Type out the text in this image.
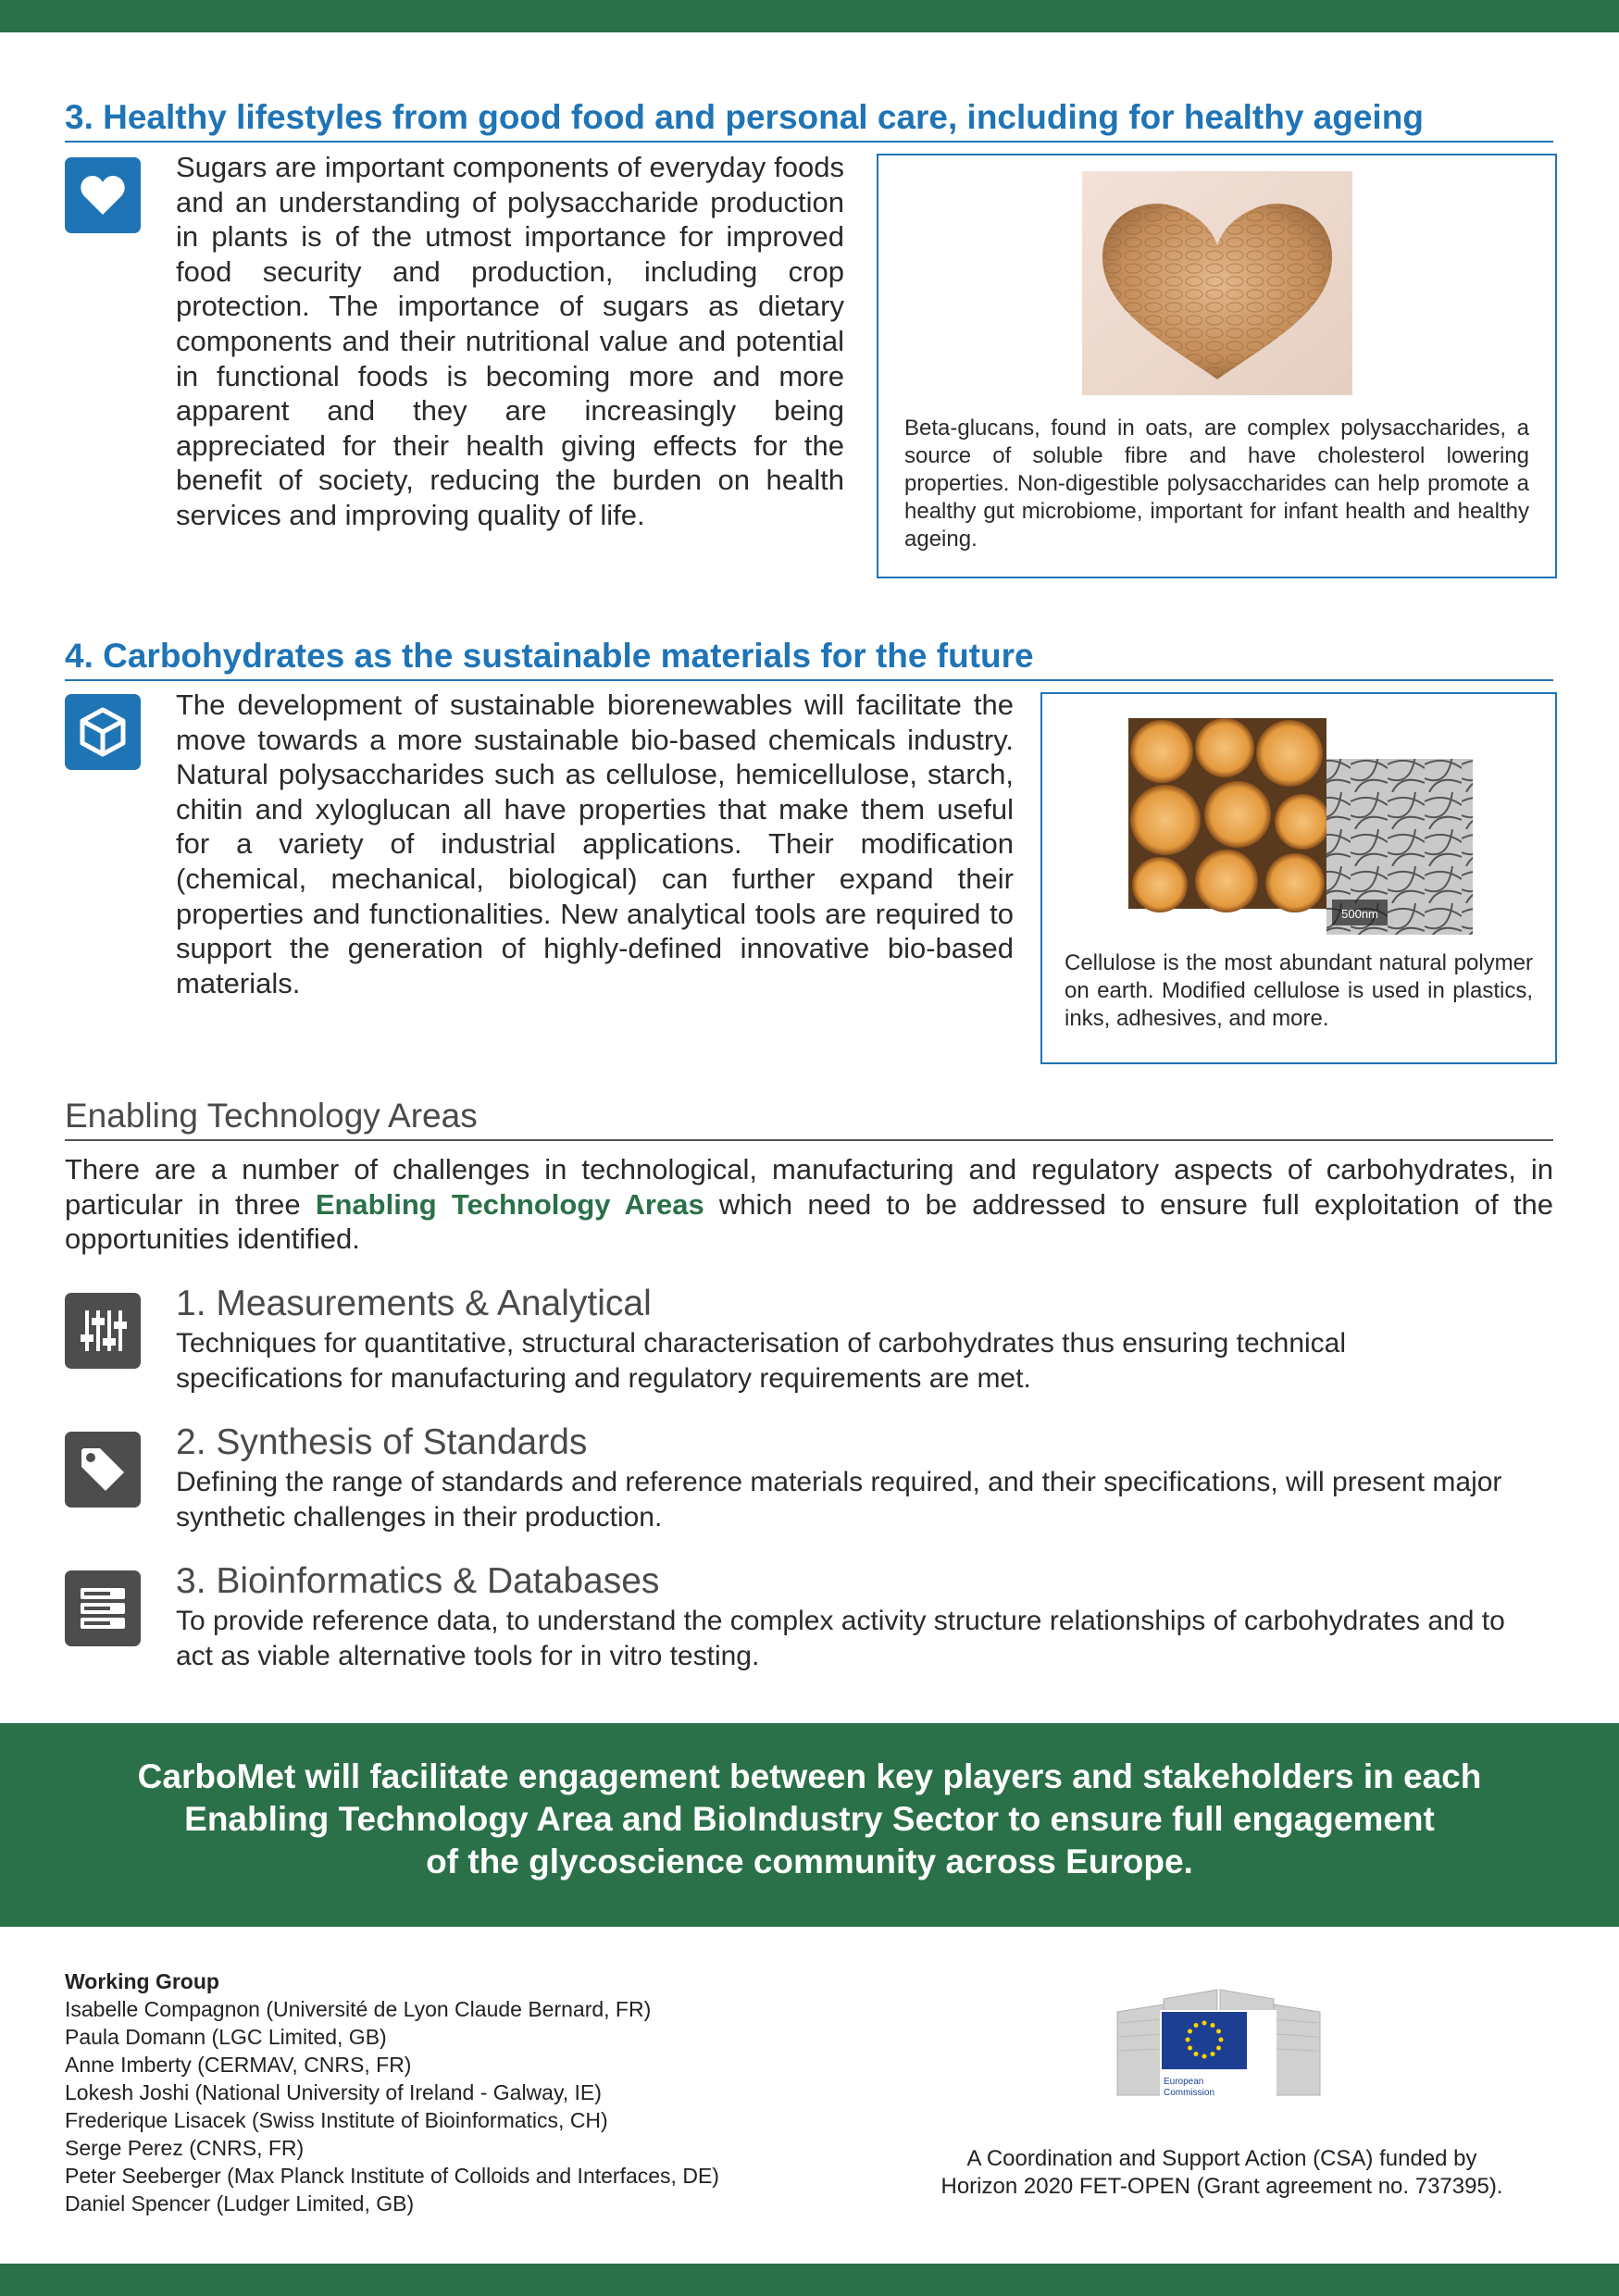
3. Healthy lifestyles from good food and personal care, including for healthy ageing
Sugars are important components of everyday foods and an understanding of polysaccharide production in plants is of the utmost importance for improved food security and production, including crop protection. The importance of sugars as dietary components and their nutritional value and potential in functional foods is becoming more and more apparent and they are increasingly being appreciated for their health giving effects for the benefit of society, reducing the burden on health services and improving quality of life.
Beta-glucans, found in oats, are complex polysaccharides, a source of soluble fibre and have cholesterol lowering properties. Non-digestible polysaccharides can help promote a healthy gut microbiome, important for infant health and healthy ageing.
4. Carbohydrates as the sustainable materials for the future
The development of sustainable biorenewables will facilitate the move towards a more sustainable bio-based chemicals industry. Natural polysaccharides such as cellulose, hemicellulose, starch, chitin and xyloglucan all have properties that make them useful for a variety of industrial applications. Their modification (chemical, mechanical, biological) can further expand their properties and functionalities. New analytical tools are required to support the generation of highly-defined innovative bio-based materials.
500nm
Cellulose is the most abundant natural polymer on earth. Modified cellulose is used in plastics, inks, adhesives, and more.
Enabling Technology Areas
There are a number of challenges in technological, manufacturing and regulatory aspects of carbohydrates, in particular in three Enabling Technology Areas which need to be addressed to ensure full exploitation of the opportunities identified.
1. Measurements & Analytical
Techniques for quantitative, structural characterisation of carbohydrates thus ensuring technical specifications for manufacturing and regulatory requirements are met.
2. Synthesis of Standards
Defining the range of standards and reference materials required, and their specifications, will present major synthetic challenges in their production.
3. Bioinformatics & Databases
To provide reference data, to understand the complex activity structure relationships of carbohydrates and to act as viable alternative tools for in vitro testing.
CarboMet will facilitate engagement between key players and stakeholders in each
Enabling Technology Area and BioIndustry Sector to ensure full engagement
of the glycoscience community across Europe.
Working Group
Isabelle Compagnon (Université de Lyon Claude Bernard, FR)
Paula Domann (LGC Limited, GB)
Anne Imberty (CERMAV, CNRS, FR)
Lokesh Joshi (National University of Ireland - Galway, IE)
Frederique Lisacek (Swiss Institute of Bioinformatics, CH)
Serge Perez (CNRS, FR)
Peter Seeberger (Max Planck Institute of Colloids and Interfaces, DE)
Daniel Spencer (Ludger Limited, GB)
European
Commission
A Coordination and Support Action (CSA) funded by
Horizon 2020 FET-OPEN (Grant agreement no. 737395).
